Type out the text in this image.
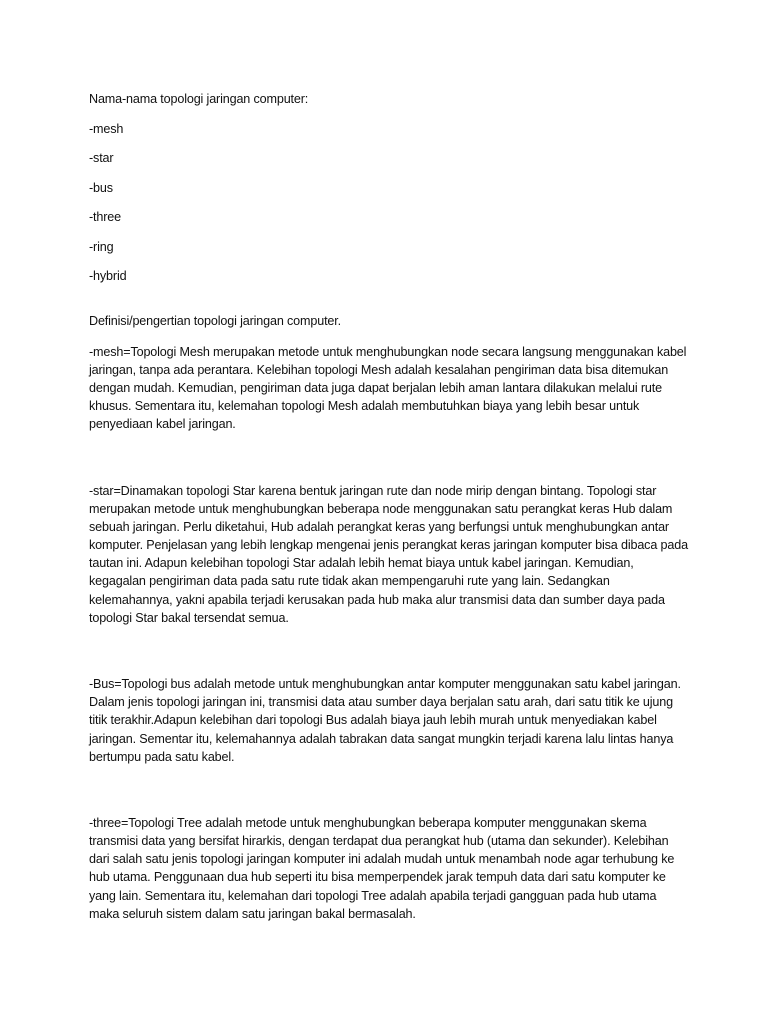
Nama-nama topologi jaringan computer:

-mesh

-star

-bus

-three

-ring

-hybrid

Definisi/pengertian topologi jaringan computer.

-mesh=Topologi Mesh merupakan metode untuk menghubungkan node secara langsung menggunakan kabel jaringan, tanpa ada perantara. Kelebihan topologi Mesh adalah kesalahan pengiriman data bisa ditemukan dengan mudah. Kemudian, pengiriman data juga dapat berjalan lebih aman lantara dilakukan melalui rute khusus. Sementara itu, kelemahan topologi Mesh adalah membutuhkan biaya yang lebih besar untuk penyediaan kabel jaringan.

-star=Dinamakan topologi Star karena bentuk jaringan rute dan node mirip dengan bintang. Topologi star merupakan metode untuk menghubungkan beberapa node menggunakan satu perangkat keras Hub dalam sebuah jaringan. Perlu diketahui, Hub adalah perangkat keras yang berfungsi untuk menghubungkan antar komputer. Penjelasan yang lebih lengkap mengenai jenis perangkat keras jaringan komputer bisa dibaca pada tautan ini. Adapun kelebihan topologi Star adalah lebih hemat biaya untuk kabel jaringan. Kemudian, kegagalan pengiriman data pada satu rute tidak akan mempengaruhi rute yang lain. Sedangkan kelemahannya, yakni apabila terjadi kerusakan pada hub maka alur transmisi data dan sumber daya pada topologi Star bakal tersendat semua.

-Bus=Topologi bus adalah metode untuk menghubungkan antar komputer menggunakan satu kabel jaringan. Dalam jenis topologi jaringan ini, transmisi data atau sumber daya berjalan satu arah, dari satu titik ke ujung titik terakhir.Adapun kelebihan dari topologi Bus adalah biaya jauh lebih murah untuk menyediakan kabel jaringan. Sementar itu, kelemahannya adalah tabrakan data sangat mungkin terjadi karena lalu lintas hanya bertumpu pada satu kabel.

-three=Topologi Tree adalah metode untuk menghubungkan beberapa komputer menggunakan skema transmisi data yang bersifat hirarkis, dengan terdapat dua perangkat hub (utama dan sekunder). Kelebihan dari salah satu jenis topologi jaringan komputer ini adalah mudah untuk menambah node agar terhubung ke hub utama. Penggunaan dua hub seperti itu bisa memperpendek jarak tempuh data dari satu komputer ke yang lain. Sementara itu, kelemahan dari topologi Tree adalah apabila terjadi gangguan pada hub utama maka seluruh sistem dalam satu jaringan bakal bermasalah.
